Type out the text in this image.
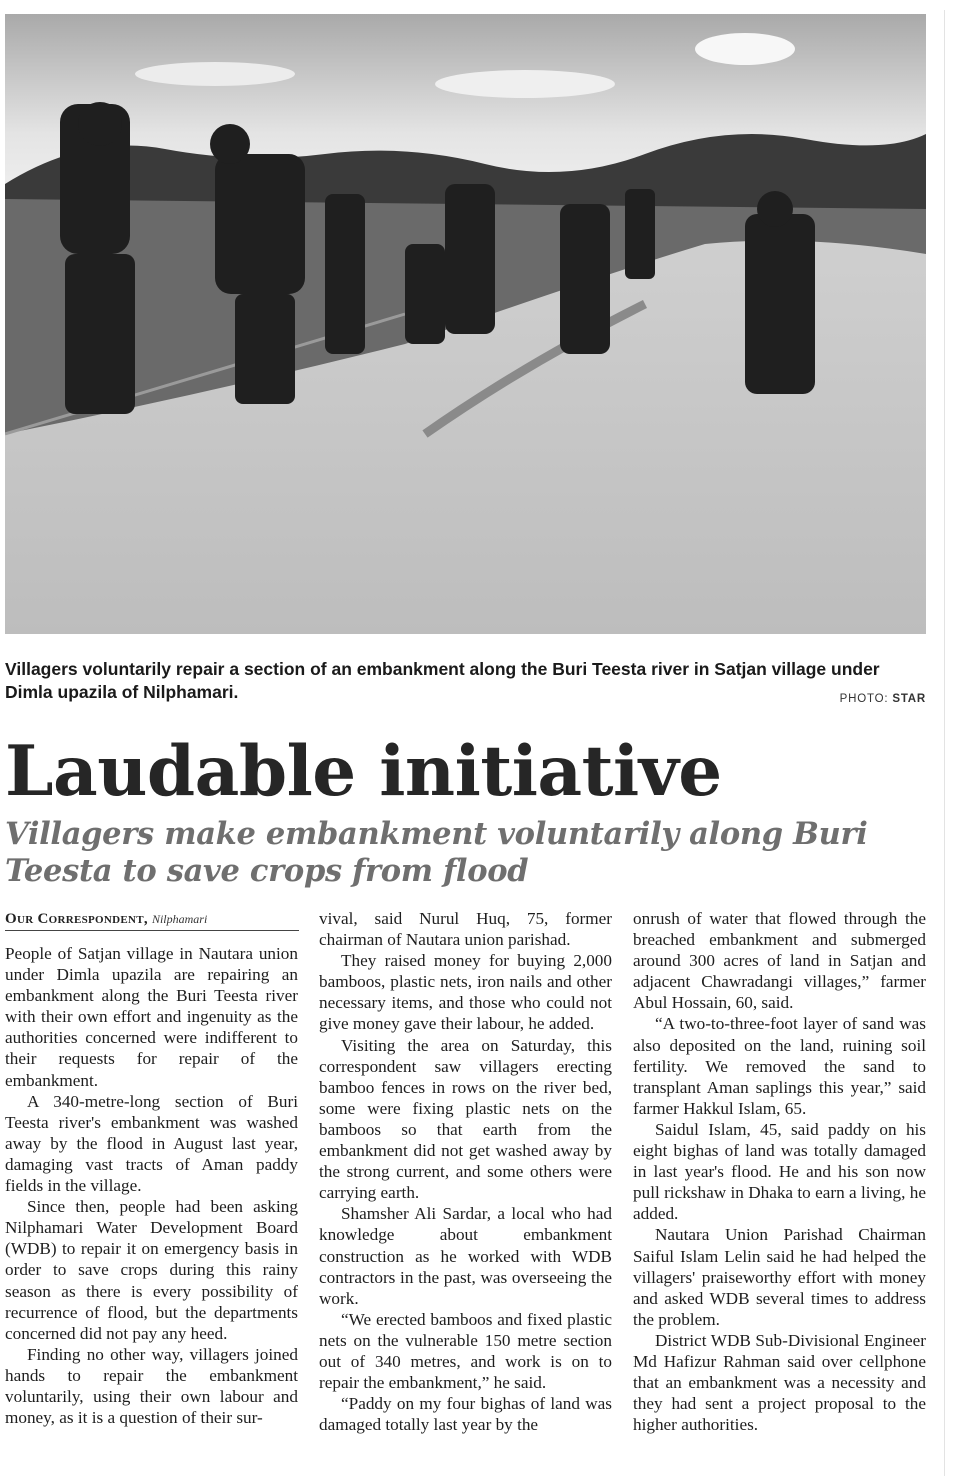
Villagers voluntarily repair a section of an embankment along the Buri Teesta river in Satjan village under Dimla upazila of Nilphamari.	PHOTO: STAR
Laudable initiative
Villagers make embankment voluntarily along Buri Teesta to save crops from flood
Our Correspondent, Nilphamari

People of Satjan village in Nautara union under Dimla upazila are repairing an embankment along the Buri Teesta river with their own effort and ingenuity as the authorities concerned were indifferent to their requests for repair of the embankment.

A 340-metre-long section of Buri Teesta river's embankment was washed away by the flood in August last year, damaging vast tracts of Aman paddy fields in the village.

Since then, people had been asking Nilphamari Water Development Board (WDB) to repair it on emergency basis in order to save crops during this rainy season as there is every possibility of recurrence of flood, but the departments concerned did not pay any heed.

Finding no other way, villagers joined hands to repair the embankment voluntarily, using their own labour and money, as it is a question of their sur-

vival, said Nurul Huq, 75, former chairman of Nautara union parishad.

They raised money for buying 2,000 bamboos, plastic nets, iron nails and other necessary items, and those who could not give money gave their labour, he added.

Visiting the area on Saturday, this correspondent saw villagers erecting bamboo fences in rows on the river bed, some were fixing plastic nets on the bamboos so that earth from the embankment did not get washed away by the strong current, and some others were carrying earth.

Shamsher Ali Sardar, a local who had knowledge about embankment construction as he worked with WDB contractors in the past, was overseeing the work.

“We erected bamboos and fixed plastic nets on the vulnerable 150 metre section out of 340 metres, and work is on to repair the embankment,” he said.

“Paddy on my four bighas of land was damaged totally last year by the

onrush of water that flowed through the breached embankment and submerged around 300 acres of land in Satjan and adjacent Chawradangi villages,” farmer Abul Hossain, 60, said.

“A two-to-three-foot layer of sand was also deposited on the land, ruining soil fertility. We removed the sand to transplant Aman saplings this year,” said farmer Hakkul Islam, 65.

Saidul Islam, 45, said paddy on his eight bighas of land was totally damaged in last year's flood. He and his son now pull rickshaw in Dhaka to earn a living, he added.

Nautara Union Parishad Chairman Saiful Islam Lelin said he had helped the villagers' praiseworthy effort with money and asked WDB several times to address the problem.

District WDB Sub-Divisional Engineer Md Hafizur Rahman said over cellphone that an embankment was a necessity and they had sent a project proposal to the higher authorities.
